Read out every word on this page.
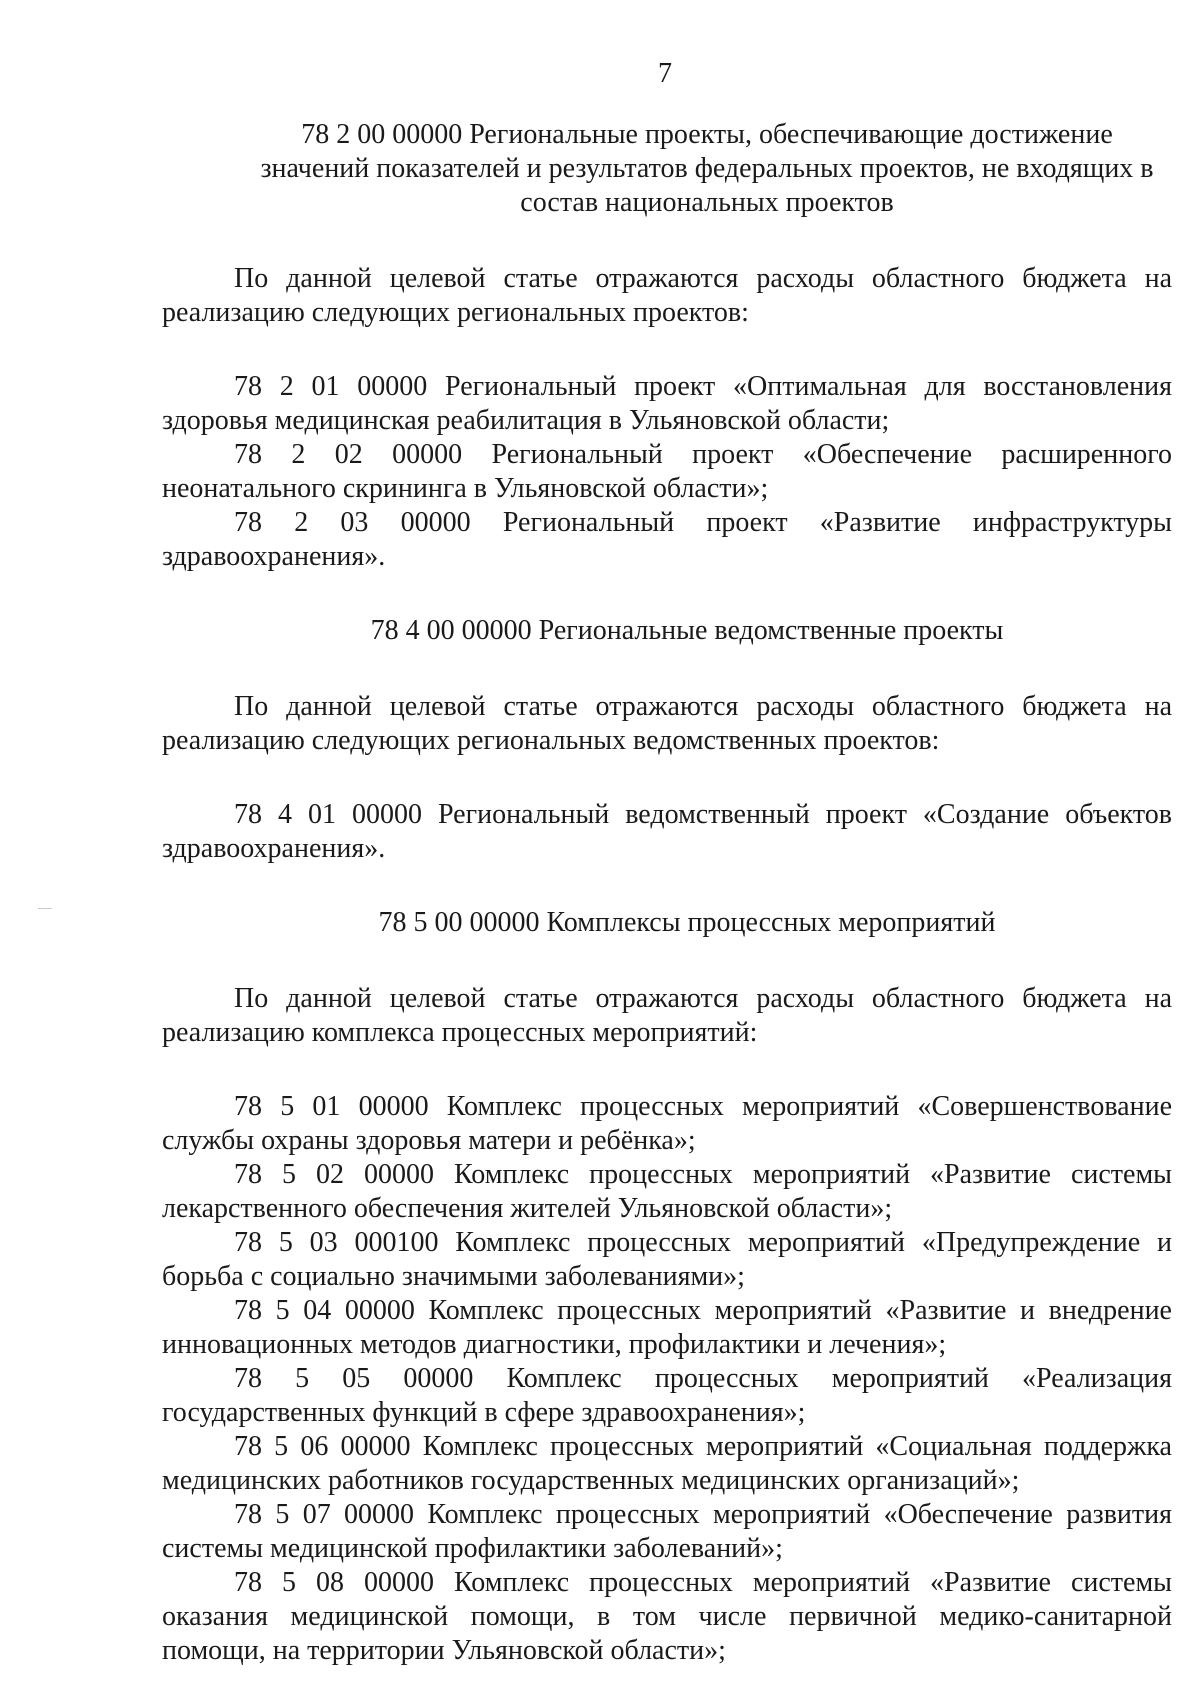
7
78 2 00 00000 Региональные проекты, обеспечивающие достижение значений показателей и результатов федеральных проектов, не входящих в состав национальных проектов

По данной целевой статье отражаются расходы областного бюджета на реализацию следующих региональных проектов:

78 2 01 00000 Региональный проект «Оптимальная для восстановления здоровья медицинская реабилитация в Ульяновской области;

78 2 02 00000 Региональный проект «Обеспечение расширенного неонатального скрининга в Ульяновской области»;

78 2 03 00000 Региональный проект «Развитие инфраструктуры здравоохранения».

78 4 00 00000 Региональные ведомственные проекты

По данной целевой статье отражаются расходы областного бюджета на реализацию следующих региональных ведомственных проектов:

78 4 01 00000 Региональный ведомственный проект «Создание объектов здравоохранения».

78 5 00 00000 Комплексы процессных мероприятий

По данной целевой статье отражаются расходы областного бюджета на реализацию комплекса процессных мероприятий:

78 5 01 00000 Комплекс процессных мероприятий «Совершенствование службы охраны здоровья матери и ребёнка»;

78 5 02 00000 Комплекс процессных мероприятий «Развитие системы лекарственного обеспечения жителей Ульяновской области»;

78 5 03 000100 Комплекс процессных мероприятий «Предупреждение и борьба с социально значимыми заболеваниями»;

78 5 04 00000 Комплекс процессных мероприятий «Развитие и внедрение инновационных методов диагностики, профилактики и лечения»;

78 5 05 00000 Комплекс процессных мероприятий «Реализация государственных функций в сфере здравоохранения»;

78 5 06 00000 Комплекс процессных мероприятий «Социальная поддержка медицинских работников государственных медицинских организаций»;

78 5 07 00000 Комплекс процессных мероприятий «Обеспечение развития системы медицинской профилактики заболеваний»;

78 5 08 00000 Комплекс процессных мероприятий «Развитие системы оказания медицинской помощи, в том числе первичной медико-санитарной помощи, на территории Ульяновской области»;
